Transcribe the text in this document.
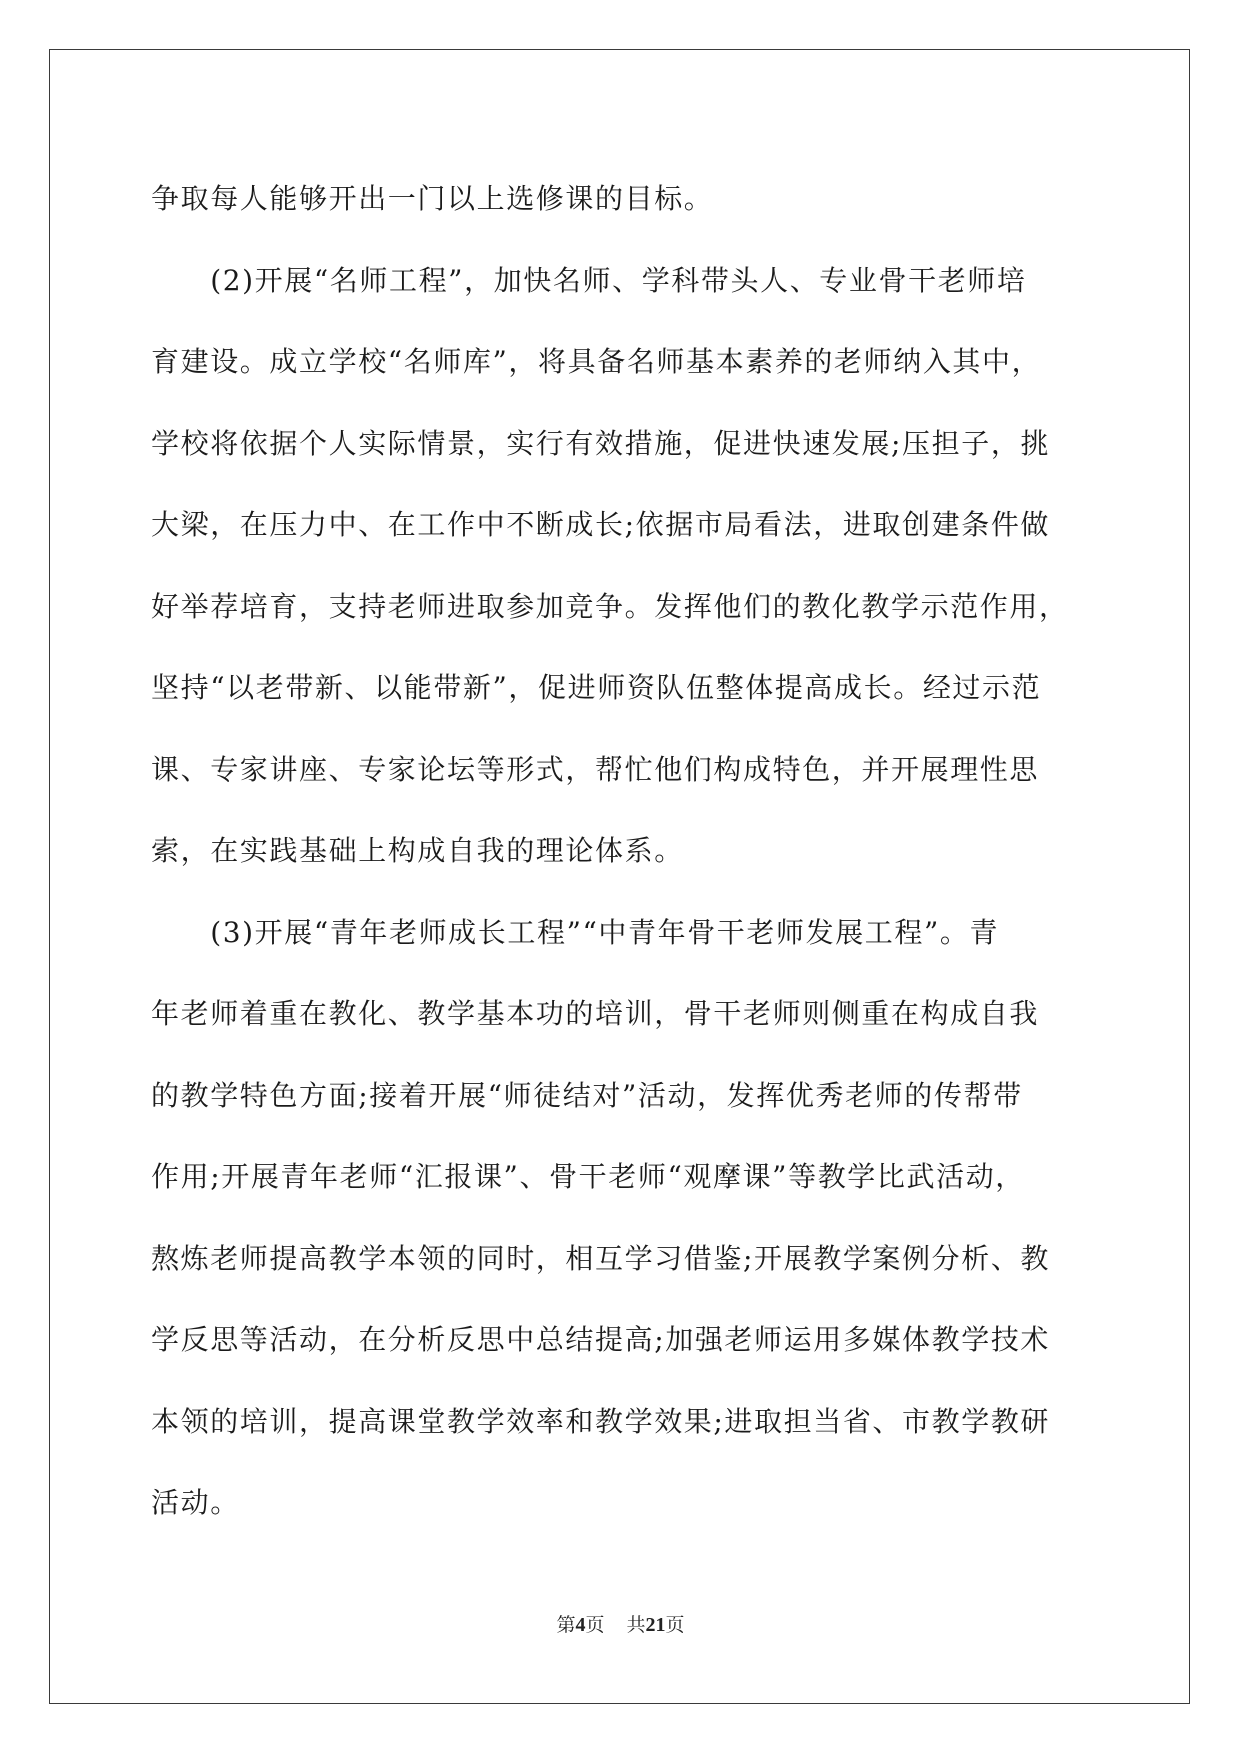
争取每人能够开出一门以上选修课的目标。

　　(2)开展“名师工程”，加快名师、学科带头人、专业骨干老师培
育建设。成立学校“名师库”，将具备名师基本素养的老师纳入其中，
学校将依据个人实际情景，实行有效措施，促进快速发展;压担子，挑
大梁，在压力中、在工作中不断成长;依据市局看法，进取创建条件做
好举荐培育，支持老师进取参加竞争。发挥他们的教化教学示范作用，
坚持“以老带新、以能带新”，促进师资队伍整体提高成长。经过示范
课、专家讲座、专家论坛等形式，帮忙他们构成特色，并开展理性思
索，在实践基础上构成自我的理论体系。

　　(3)开展“青年老师成长工程”“中青年骨干老师发展工程”。青
年老师着重在教化、教学基本功的培训，骨干老师则侧重在构成自我
的教学特色方面;接着开展“师徒结对”活动，发挥优秀老师的传帮带
作用;开展青年老师“汇报课”、骨干老师“观摩课”等教学比武活动，
熬炼老师提高教学本领的同时，相互学习借鉴;开展教学案例分析、教
学反思等活动，在分析反思中总结提高;加强老师运用多媒体教学技术
本领的培训，提高课堂教学效率和教学效果;进取担当省、市教学教研
活动。

第4页 共21页
